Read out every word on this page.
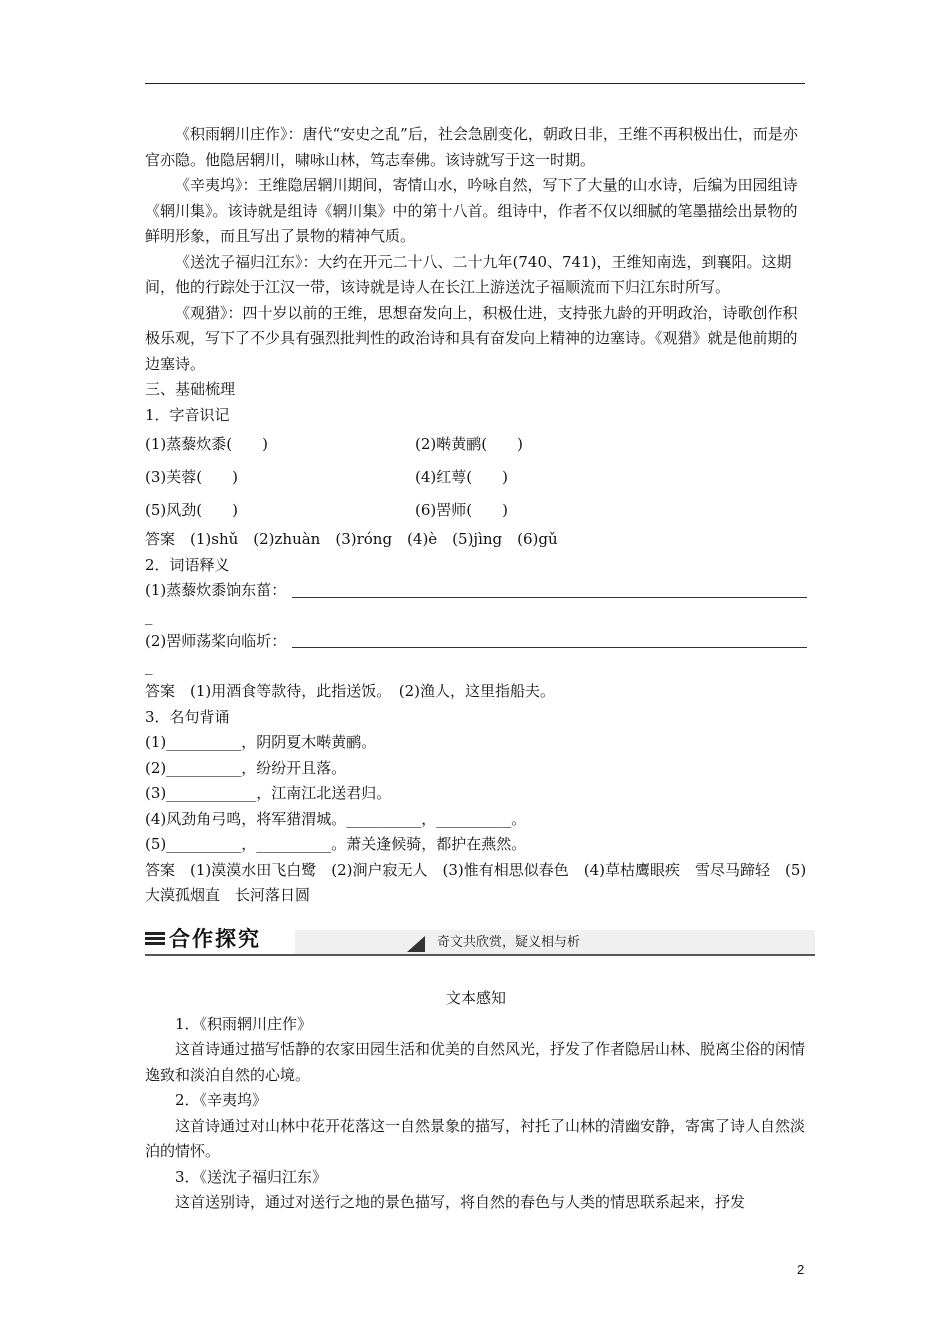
《积雨辋川庄作》：唐代“安史之乱”后，社会急剧变化，朝政日非，王维不再积极出仕，而是亦官亦隐。他隐居辋川，啸咏山林，笃志奉佛。该诗就写于这一时期。

《辛夷坞》：王维隐居辋川期间，寄情山水，吟咏自然，写下了大量的山水诗，后编为田园组诗《辋川集》。该诗就是组诗《辋川集》中的第十八首。组诗中，作者不仅以细腻的笔墨描绘出景物的鲜明形象，而且写出了景物的精神气质。

《送沈子福归江东》：大约在开元二十八、二十九年(740、741)，王维知南选，到襄阳。这期间，他的行踪处于江汉一带，该诗就是诗人在长江上游送沈子福顺流而下归江东时所写。

《观猎》：四十岁以前的王维，思想奋发向上，积极仕进，支持张九龄的开明政治，诗歌创作积极乐观，写下了不少具有强烈批判性的政治诗和具有奋发向上精神的边塞诗。《观猎》就是他前期的边塞诗。

三、基础梳理

1．字音识记

(1)蒸藜炊黍(　　)	(2)啭黄鹂(　　)
(3)芙蓉(　　)	(4)红萼(　　)
(5)风劲(　　)	(6)罟师(　　)

答案　(1)shǔ　(2)zhuàn　(3)róng　(4)è　(5)jìng　(6)gǔ

2．词语释义

(1)蒸藜炊黍饷东菑：

_

(2)罟师荡桨向临圻：

_

答案　(1)用酒食等款待，此指送饭。　(2)渔人，这里指船夫。

3．名句背诵

(1)__________，阴阴夏木啭黄鹂。

(2)__________，纷纷开且落。

(3)____________，江南江北送君归。

(4)风劲角弓鸣，将军猎渭城。__________，__________。

(5)__________，__________。萧关逢候骑，都护在燕然。

答案　(1)漠漠水田飞白鹭　(2)涧户寂无人　(3)惟有相思似春色　(4)草枯鹰眼疾　雪尽马蹄轻　(5)大漠孤烟直　长河落日圆

合作探究	奇文共欣赏，疑义相与析

文本感知

1．《积雨辋川庄作》

这首诗通过描写恬静的农家田园生活和优美的自然风光，抒发了作者隐居山林、脱离尘俗的闲情逸致和淡泊自然的心境。

2．《辛夷坞》

这首诗通过对山林中花开花落这一自然景象的描写，衬托了山林的清幽安静，寄寓了诗人自然淡泊的情怀。

3．《送沈子福归江东》

这首送别诗，通过对送行之地的景色描写，将自然的春色与人类的情思联系起来，抒发

2
